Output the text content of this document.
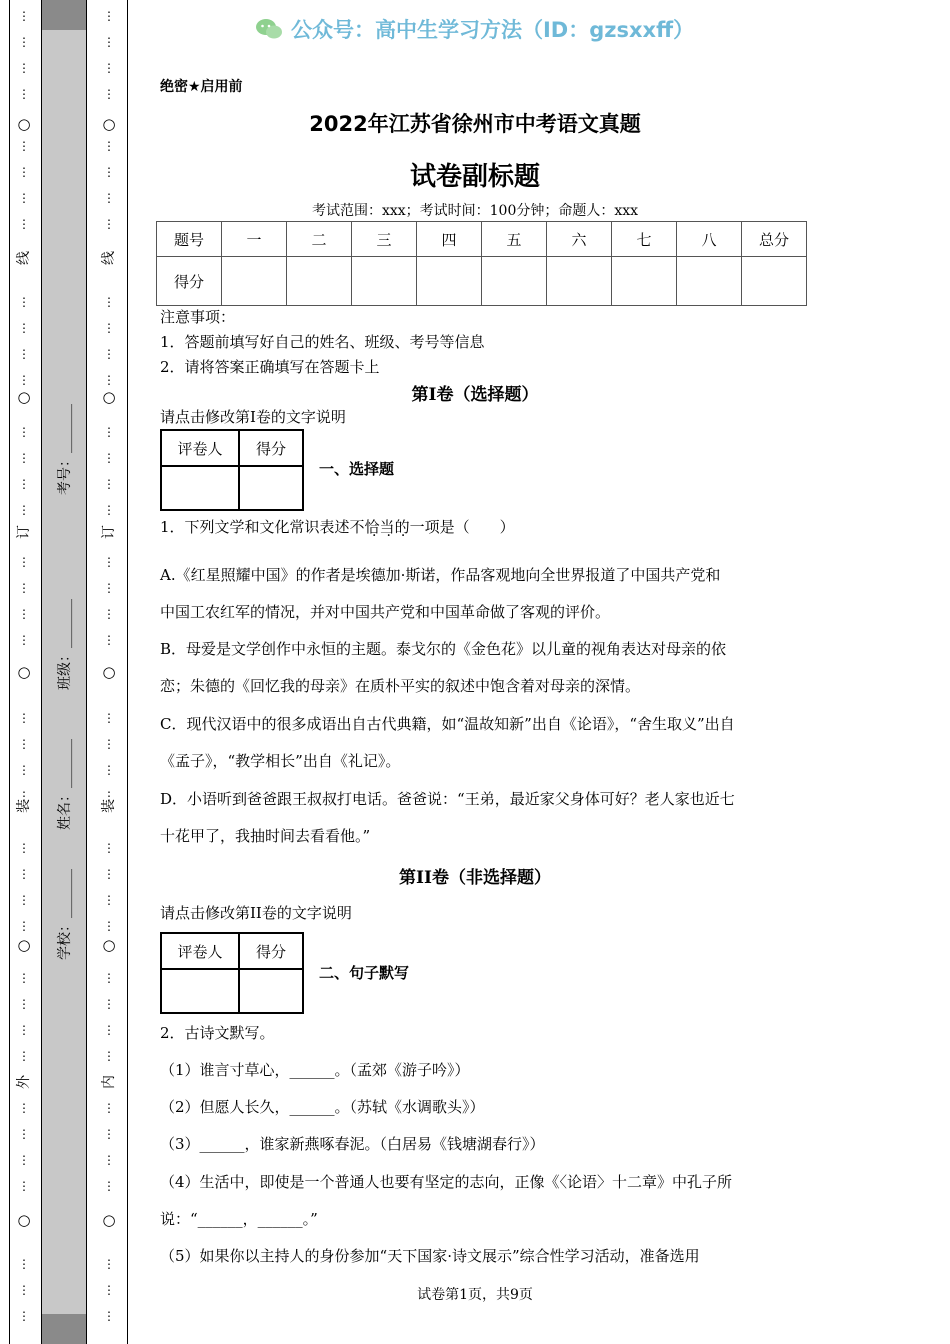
⋮
⋮
⋮
⋮
⋮
⋮
⋮
⋮
⋮
⋮
⋮
⋮
⋮
⋮
⋮
⋮
⋮
⋮
⋮
⋮
⋮
⋮
⋮
⋮
⋮
⋮
⋮
⋮
⋮
⋮
⋮
⋮
⋮
⋮
⋮
⋮
⋮
⋮
⋮
○
○
○
○
○
线
订
装
外
⋮
⋮
⋮
⋮
⋮
⋮
⋮
⋮
⋮
⋮
⋮
⋮
⋮
⋮
⋮
⋮
⋮
⋮
⋮
⋮
⋮
⋮
⋮
⋮
⋮
⋮
⋮
⋮
⋮
⋮
⋮
⋮
⋮
⋮
⋮
⋮
⋮
⋮
⋮
○
○
○
○
○
线
订
装
内
考号：_______
班级：_______
姓名：_______
学校：_______
公众号：高中生学习方法（ID：gzsxxff）
绝密★启用前
2022年江苏省徐州市中考语文真题
试卷副标题
考试范围：xxx；考试时间：100分钟；命题人：xxx
题号	一	二	三	四	五	六	七	八	总分
得分									
注意事项：
1．答题前填写好自己的姓名、班级、考号等信息
2．请将答案正确填写在答题卡上
第I卷（选择题）
请点击修改第I卷的文字说明
评卷人	得分

一、选择题
1．下列文学和文化常识表述不恰当的一项是（　　）
···
A.《红星照耀中国》的作者是埃德加·斯诺，作品客观地向全世界报道了中国共产党和
中国工农红军的情况，并对中国共产党和中国革命做了客观的评价。
B．母爱是文学创作中永恒的主题。泰戈尔的《金色花》以儿童的视角表达对母亲的依
恋；朱德的《回忆我的母亲》在质朴平实的叙述中饱含着对母亲的深情。
C．现代汉语中的很多成语出自古代典籍，如“温故知新”出自《论语》，“舍生取义”出自
《孟子》，“教学相长”出自《礼记》。
D．小语听到爸爸跟王叔叔打电话。爸爸说：“王弟，最近家父身体可好？老人家也近七
十花甲了，我抽时间去看看他。”
第II卷（非选择题）
请点击修改第II卷的文字说明
评卷人	得分

二、句子默写
2．古诗文默写。
（1）谁言寸草心，______。（孟郊《游子吟》）
（2）但愿人长久，______。（苏轼《水调歌头》）
（3）______，谁家新燕啄春泥。（白居易《钱塘湖春行》）
（4）生活中，即使是一个普通人也要有坚定的志向，正像《〈论语〉十二章》中孔子所
说：“______，______。”
（5）如果你以主持人的身份参加“天下国家·诗文展示”综合性学习活动，准备选用
试卷第1页，共9页
